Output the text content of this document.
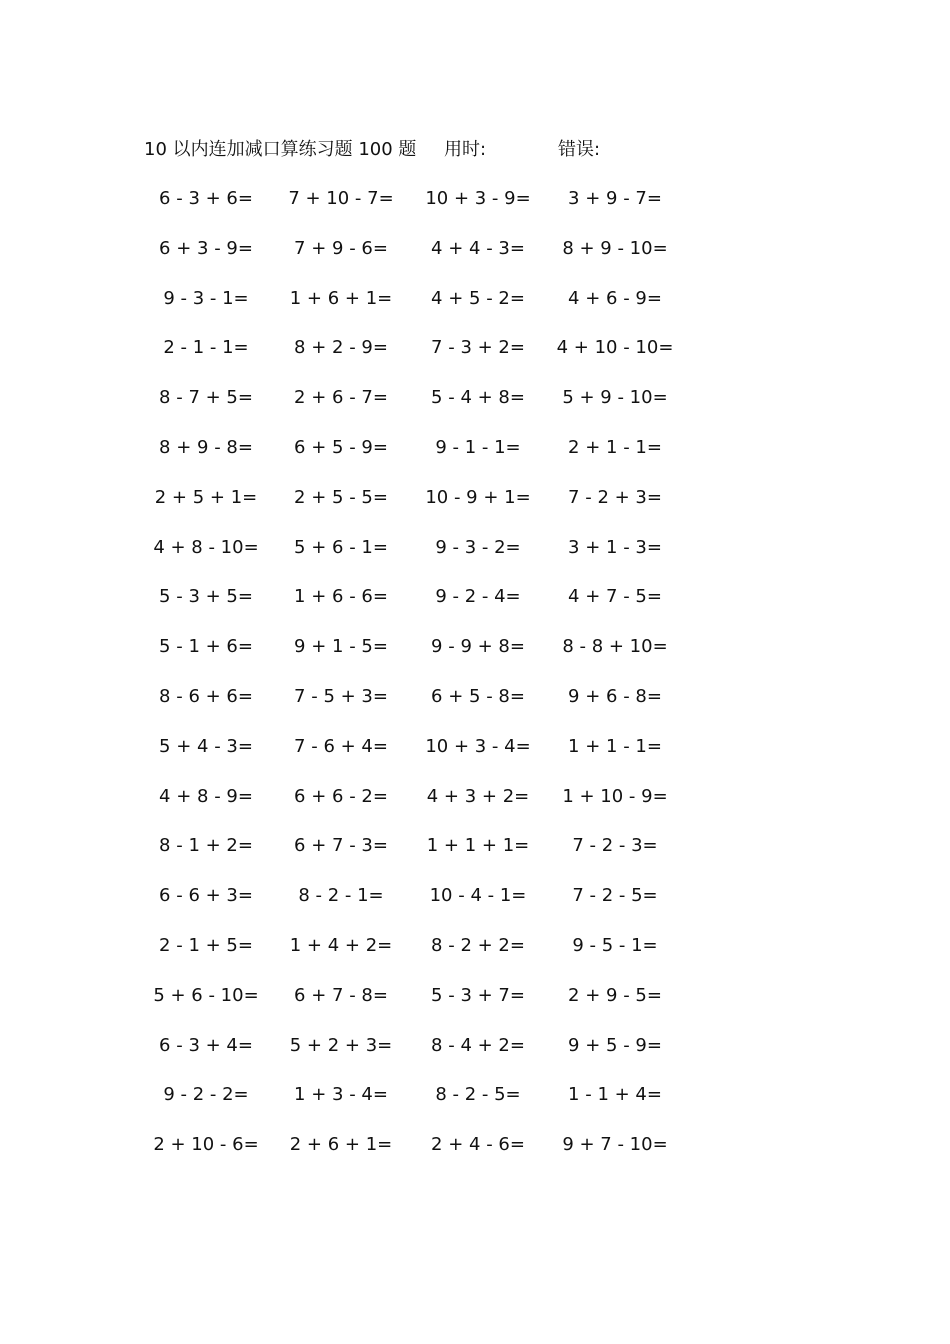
10 以内连加减口算练习题 100 题 用时:	错误:
6 - 3 + 6=	7 + 10 - 7=	10 + 3 - 9=	3 + 9 - 7=
6 + 3 - 9=	7 + 9 - 6=	4 + 4 - 3=	8 + 9 - 10=
9 - 3 - 1=	1 + 6 + 1=	4 + 5 - 2=	4 + 6 - 9=
2 - 1 - 1=	8 + 2 - 9=	7 - 3 + 2=	4 + 10 - 10=
8 - 7 + 5=	2 + 6 - 7=	5 - 4 + 8=	5 + 9 - 10=
8 + 9 - 8=	6 + 5 - 9=	9 - 1 - 1=	2 + 1 - 1=
2 + 5 + 1=	2 + 5 - 5=	10 - 9 + 1=	7 - 2 + 3=
4 + 8 - 10=	5 + 6 - 1=	9 - 3 - 2=	3 + 1 - 3=
5 - 3 + 5=	1 + 6 - 6=	9 - 2 - 4=	4 + 7 - 5=
5 - 1 + 6=	9 + 1 - 5=	9 - 9 + 8=	8 - 8 + 10=
8 - 6 + 6=	7 - 5 + 3=	6 + 5 - 8=	9 + 6 - 8=
5 + 4 - 3=	7 - 6 + 4=	10 + 3 - 4=	1 + 1 - 1=
4 + 8 - 9=	6 + 6 - 2=	4 + 3 + 2=	1 + 10 - 9=
8 - 1 + 2=	6 + 7 - 3=	1 + 1 + 1=	7 - 2 - 3=
6 - 6 + 3=	8 - 2 - 1=	10 - 4 - 1=	7 - 2 - 5=
2 - 1 + 5=	1 + 4 + 2=	8 - 2 + 2=	9 - 5 - 1=
5 + 6 - 10=	6 + 7 - 8=	5 - 3 + 7=	2 + 9 - 5=
6 - 3 + 4=	5 + 2 + 3=	8 - 4 + 2=	9 + 5 - 9=
9 - 2 - 2=	1 + 3 - 4=	8 - 2 - 5=	1 - 1 + 4=
2 + 10 - 6=	2 + 6 + 1=	2 + 4 - 6=	9 + 7 - 10=
